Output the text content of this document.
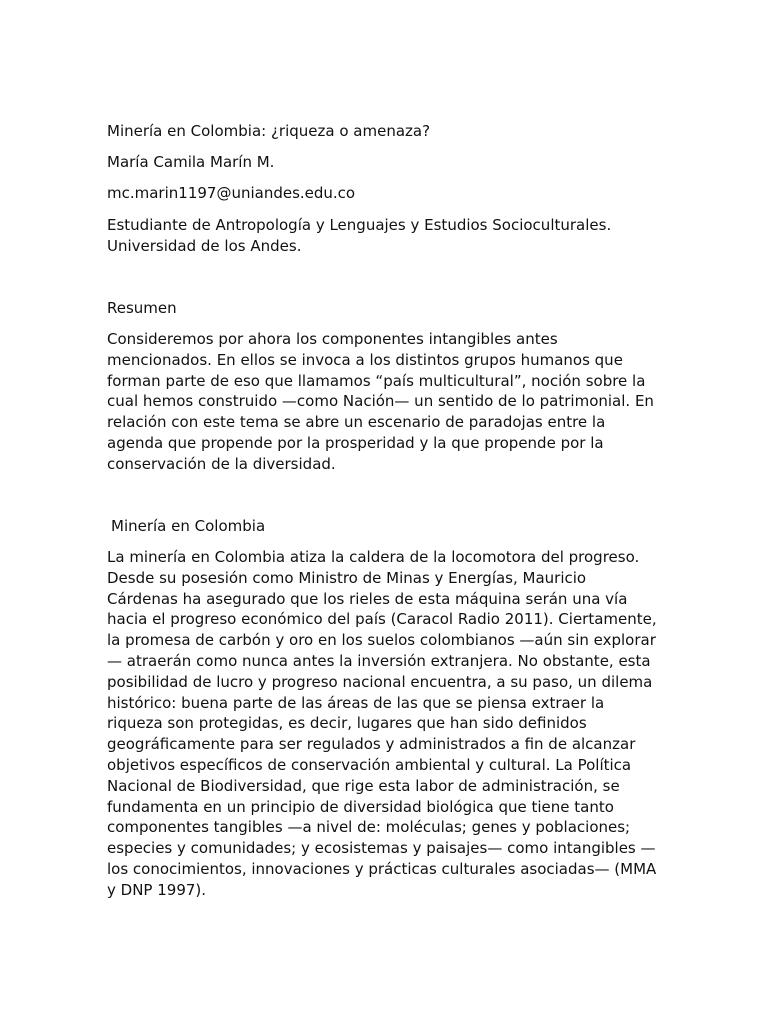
Minería en Colombia: ¿riqueza o amenaza?

María Camila Marín M.

mc.marin1197@uniandes.edu.co

Estudiante de Antropología y Lenguajes y Estudios Socioculturales.
Universidad de los Andes.

Resumen

Consideremos por ahora los componentes intangibles antes
mencionados. En ellos se invoca a los distintos grupos humanos que
forman parte de eso que llamamos “país multicultural”, noción sobre la
cual hemos construido —como Nación— un sentido de lo patrimonial. En
relación con este tema se abre un escenario de paradojas entre la
agenda que propende por la prosperidad y la que propende por la
conservación de la diversidad.

Minería en Colombia

La minería en Colombia atiza la caldera de la locomotora del progreso.
Desde su posesión como Ministro de Minas y Energías, Mauricio
Cárdenas ha asegurado que los rieles de esta máquina serán una vía
hacia el progreso económico del país (Caracol Radio 2011). Ciertamente,
la promesa de carbón y oro en los suelos colombianos —aún sin explorar
— atraerán como nunca antes la inversión extranjera. No obstante, esta
posibilidad de lucro y progreso nacional encuentra, a su paso, un dilema
histórico: buena parte de las áreas de las que se piensa extraer la
riqueza son protegidas, es decir, lugares que han sido definidos
geográficamente para ser regulados y administrados a fin de alcanzar
objetivos específicos de conservación ambiental y cultural. La Política
Nacional de Biodiversidad, que rige esta labor de administración, se
fundamenta en un principio de diversidad biológica que tiene tanto
componentes tangibles —a nivel de: moléculas; genes y poblaciones;
especies y comunidades; y ecosistemas y paisajes— como intangibles —
los conocimientos, innovaciones y prácticas culturales asociadas— (MMA
y DNP 1997).
